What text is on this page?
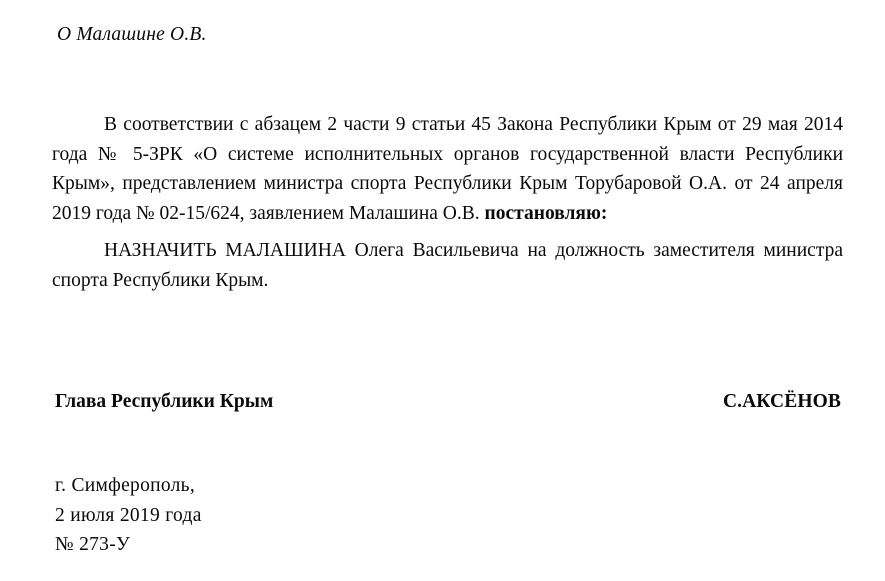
О Малашине О.В.

В соответствии с абзацем 2 части 9 статьи 45 Закона Республики Крым от 29 мая 2014 года № 5-ЗРК «О системе исполнительных органов государственной власти Республики Крым», представлением министра спорта Республики Крым Торубаровой О.А. от 24 апреля 2019 года № 02-15/624, заявлением Малашина О.В. постановляю:

НАЗНАЧИТЬ МАЛАШИНА Олега Васильевича на должность заместителя министра спорта Республики Крым.

Глава Республики Крым	С.АКСЁНОВ
г. Симферополь,
2 июля 2019 года
№ 273-У
